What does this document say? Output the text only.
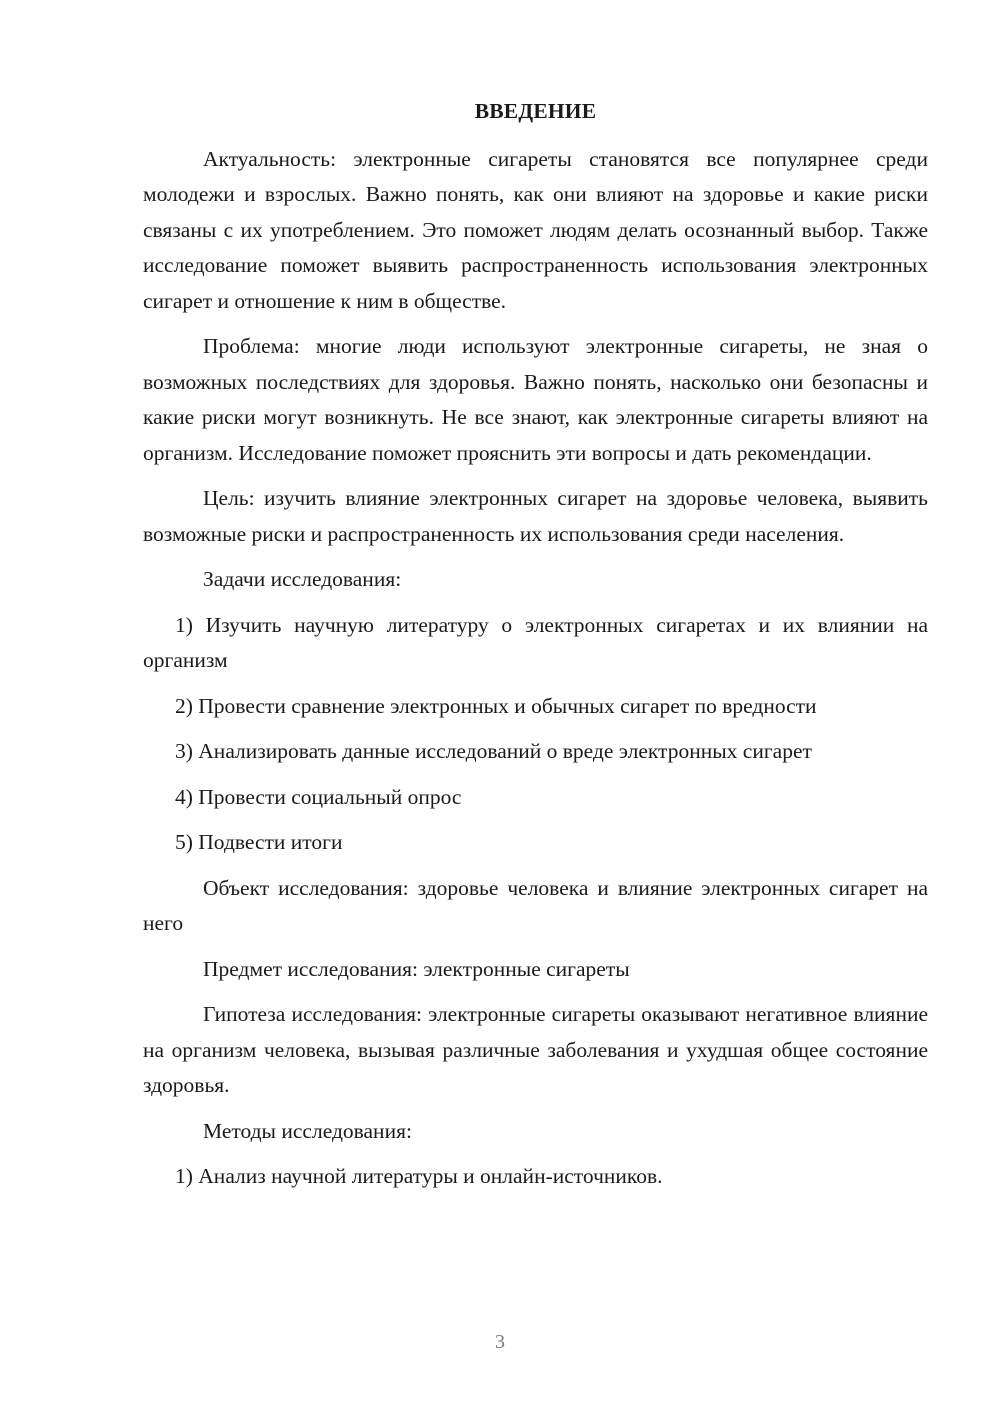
ВВЕДЕНИЕ

Актуальность: электронные сигареты становятся все популярнее среди молодежи и взрослых. Важно понять, как они влияют на здоровье и какие риски связаны с их употреблением. Это поможет людям делать осознанный выбор. Также исследование поможет выявить распространенность использования электронных сигарет и отношение к ним в обществе.

Проблема: многие люди используют электронные сигареты, не зная о возможных последствиях для здоровья. Важно понять, насколько они безопасны и какие риски могут возникнуть. Не все знают, как электронные сигареты влияют на организм. Исследование поможет прояснить эти вопросы и дать рекомендации.

Цель: изучить влияние электронных сигарет на здоровье человека, выявить возможные риски и распространенность их использования среди населения.

Задачи исследования:

1) Изучить научную литературу о электронных сигаретах и их влиянии на организм

2) Провести сравнение электронных и обычных сигарет по вредности

3) Анализировать данные исследований о вреде электронных сигарет

4) Провести социальный опрос

5) Подвести итоги

Объект исследования: здоровье человека и влияние электронных сигарет на него

Предмет исследования: электронные сигареты

Гипотеза исследования: электронные сигареты оказывают негативное влияние на организм человека, вызывая различные заболевания и ухудшая общее состояние здоровья.

Методы исследования:

1) Анализ научной литературы и онлайн-источников.

3
